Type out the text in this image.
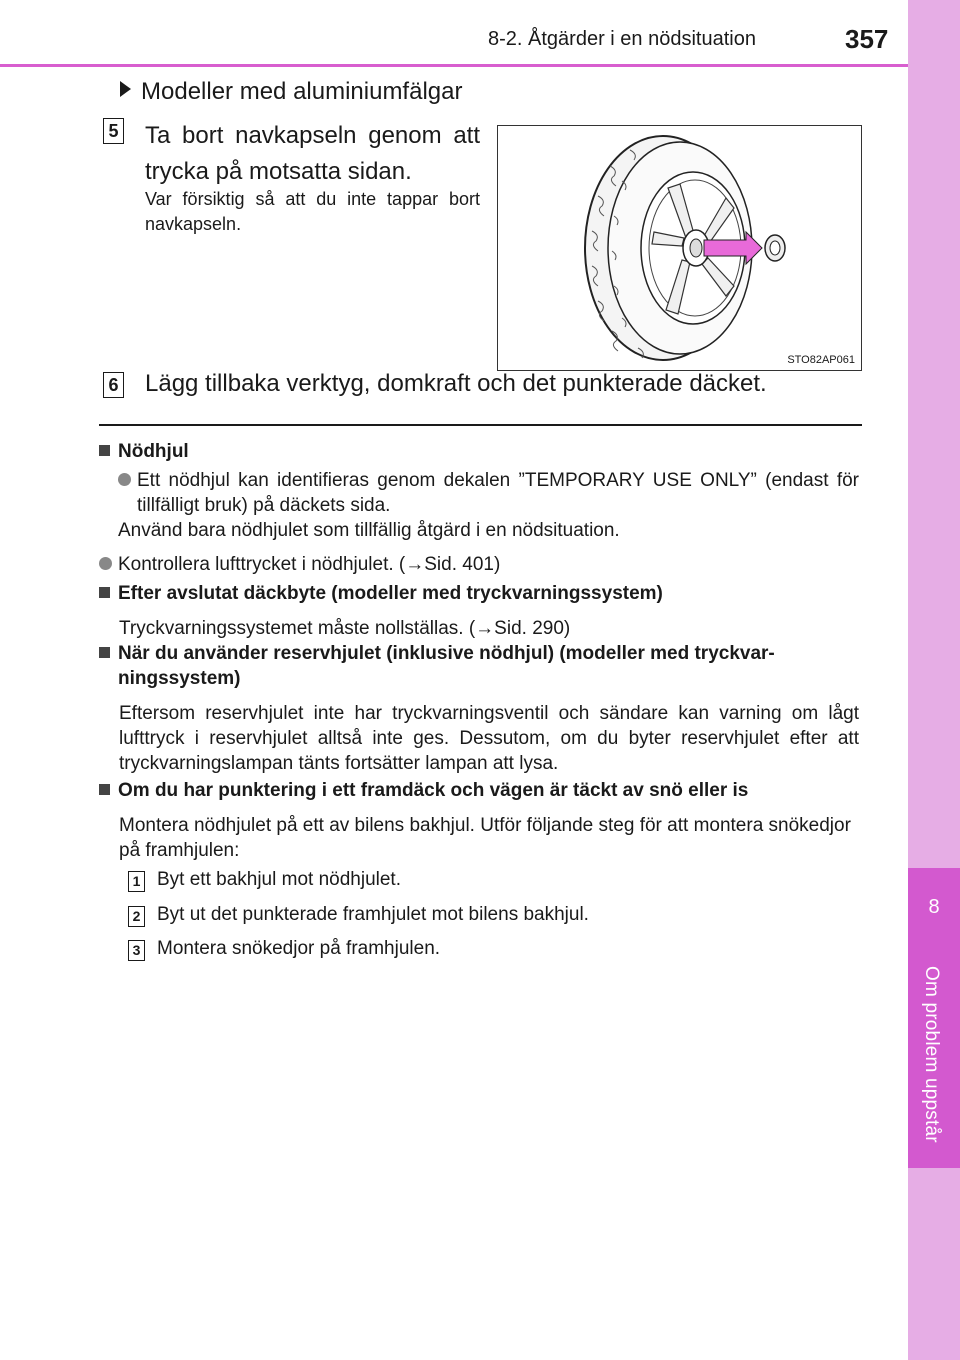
8-2. Åtgärder i en nödsituation	357
8
Om problem uppstår
Modeller med aluminiumfälgar
5 Ta bort navkapseln genom att trycka på motsatta sidan.
Var försiktig så att du inte tappar bort navkapseln.
STO82AP061
6 Lägg tillbaka verktyg, domkraft och det punkterade däcket.
Nödhjul
Ett nödhjul kan identifieras genom dekalen ”TEMPORARY USE ONLY” (endast för tillfälligt bruk) på däckets sida.
Använd bara nödhjulet som tillfällig åtgärd i en nödsituation.
Kontrollera lufttrycket i nödhjulet. (→Sid. 401)
Efter avslutat däckbyte (modeller med tryckvarningssystem)
Tryckvarningssystemet måste nollställas. (→Sid. 290)
När du använder reservhjulet (inklusive nödhjul) (modeller med tryckvarningssystem)
Eftersom reservhjulet inte har tryckvarningsventil och sändare kan varning om lågt lufttryck i reservhjulet alltså inte ges. Dessutom, om du byter reservhjulet efter att tryckvarningslampan tänts fortsätter lampan att lysa.
Om du har punktering i ett framdäck och vägen är täckt av snö eller is
Montera nödhjulet på ett av bilens bakhjul. Utför följande steg för att montera snökedjor på framhjulen:
1 Byt ett bakhjul mot nödhjulet.
2 Byt ut det punkterade framhjulet mot bilens bakhjul.
3 Montera snökedjor på framhjulen.
